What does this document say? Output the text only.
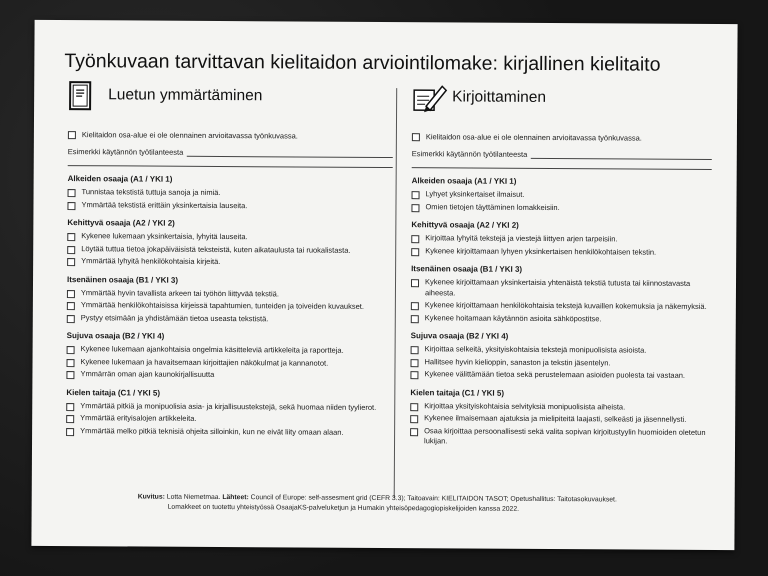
Työnkuvaan tarvittavan kielitaidon arviointilomake: kirjallinen kielitaito
Luetun ymmärtäminen
Kielitaidon osa-alue ei ole olennainen arvioitavassa työnkuvassa.
Esimerkki käytännön työtilanteesta
Alkeiden osaaja (A1 / YKI 1)
Tunnistaa tekstistä tuttuja sanoja ja nimiä.
Ymmärtää tekstistä erittäin yksinkertaisia lauseita.
Kehittyvä osaaja (A2 / YKI 2)
Kykenee lukemaan yksinkertaisia, lyhyitä lauseita.
Löytää tuttua tietoa jokapäiväisistä teksteistä, kuten aikataulusta tai ruokalistasta.
Ymmärtää lyhyitä henkilökohtaisia kirjeitä.
Itsenäinen osaaja (B1 / YKI 3)
Ymmärtää hyvin tavallista arkeen tai työhön liittyvää tekstiä.
Ymmärtää henkilökohtaisissa kirjeissä tapahtumien, tunteiden ja toiveiden kuvaukset.
Pystyy etsimään ja yhdistämään tietoa useasta tekstistä.
Sujuva osaaja (B2 / YKI 4)
Kykenee lukemaan ajankohtaisia ongelmia käsitteleviä artikkeleita ja raportteja.
Kykenee lukemaan ja havaitsemaan kirjoittajien näkökulmat ja kannanotot.
Ymmärrän oman ajan kaunokirjallisuutta
Kielen taitaja (C1 / YKI 5)
Ymmärtää pitkiä ja monipuolisia asia- ja kirjallisuustekstejä, sekä huomaa niiden tyylierot.
Ymmärtää erityisalojen artikkeleita.
Ymmärtää melko pitkiä teknisiä ohjeita silloinkin, kun ne eivät liity omaan alaan.
Kirjoittaminen
Kielitaidon osa-alue ei ole olennainen arvioitavassa työnkuvassa.
Esimerkki käytännön työtilanteesta
Alkeiden osaaja (A1 / YKI 1)
Lyhyet yksinkertaiset ilmaisut.
Omien tietojen täyttäminen lomakkeisiin.
Kehittyvä osaaja (A2 / YKI 2)
Kirjoittaa lyhyitä tekstejä ja viestejä liittyen arjen tarpeisiin.
Kykenee kirjoittamaan lyhyen yksinkertaisen henkilökohtaisen tekstin.
Itsenäinen osaaja (B1 / YKI 3)
Kykenee kirjoittamaan yksinkertaisia yhtenäistä tekstiä tutusta tai kiinnostavasta aiheesta.
Kykenee kirjoittamaan henkilökohtaisia tekstejä kuvaillen kokemuksia ja näkemyksiä.
Kykenee hoitamaan käytännön asioita sähköpostitse.
Sujuva osaaja (B2 / YKI 4)
Kirjoittaa selkeitä, yksityiskohtaisia tekstejä monipuolisista asioista.
Hallitsee hyvin kielioppin, sanaston ja tekstin jäsentelyn.
Kykenee välittämään tietoa sekä perustelemaan asioiden puolesta tai vastaan.
Kielen taitaja (C1 / YKI 5)
Kirjoittaa yksityiskohtaisia selvityksiä monipuolisista aiheista.
Kykenee ilmaisemaan ajatuksia ja mielipiteitä laajasti, selkeästi ja jäsennellysti.
Osaa kirjoittaa persoonallisesti sekä valita sopivan kirjoitustyylin huomioiden oletetun lukijan.
Kuvitus: Lotta Niemetmaa. Lähteet: Council of Europe: self-assesment grid (CEFR 3.3); Taitoavain: KIELITAIDON TASOT; Opetushallitus: Taitotasokuvaukset.
Lomakkeet on tuotettu yhteistyössä OsaajaKS-palveluketjun ja Humakin yhteisöpedagogiopiskelijoiden kanssa 2022.
